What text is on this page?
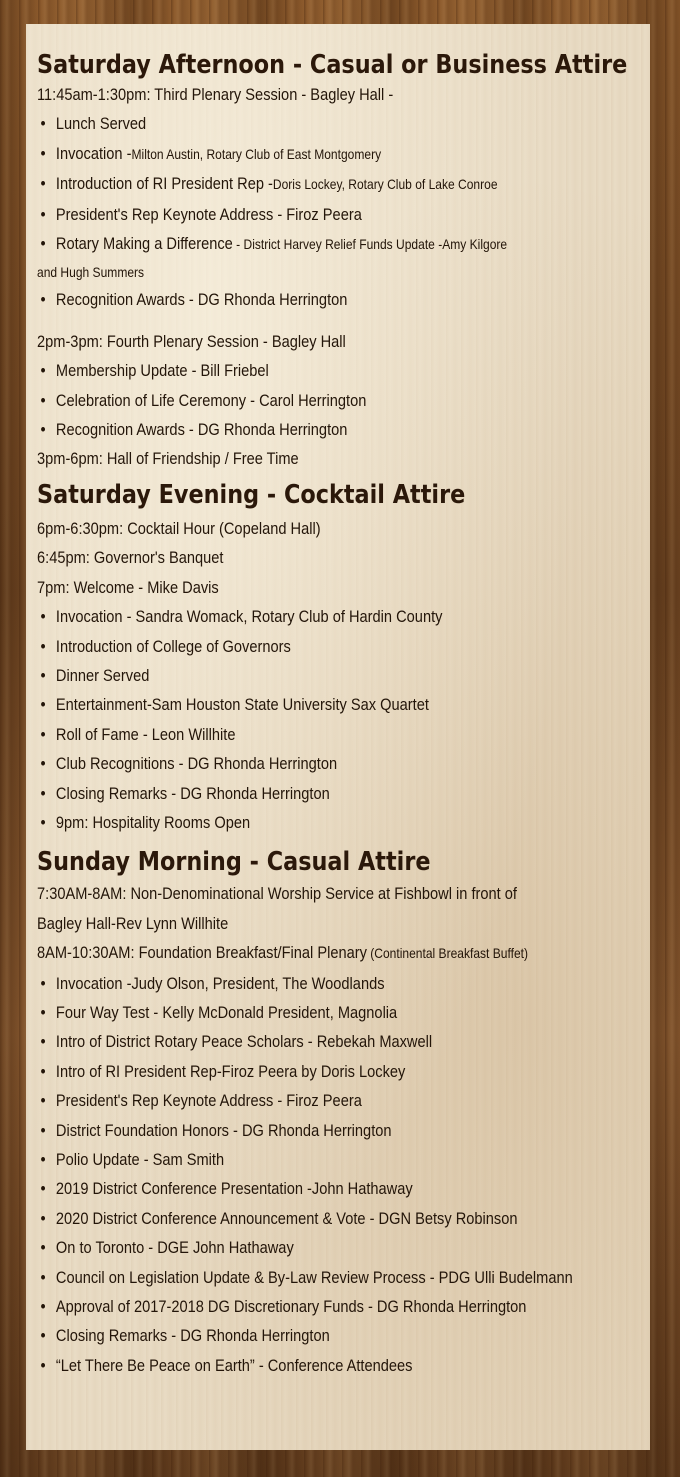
Saturday Afternoon - Casual or Business Attire
11:45am-1:30pm: Third Plenary Session - Bagley Hall -
• Lunch Served
• Invocation -Milton Austin, Rotary Club of East Montgomery
• Introduction of RI President Rep -Doris Lockey, Rotary Club of Lake Conroe
• President's Rep Keynote Address - Firoz Peera
• Rotary Making a Difference - District Harvey Relief Funds Update -Amy Kilgore
and Hugh Summers
• Recognition Awards - DG Rhonda Herrington
2pm-3pm: Fourth Plenary Session - Bagley Hall
• Membership Update - Bill Friebel
• Celebration of Life Ceremony - Carol Herrington
• Recognition Awards - DG Rhonda Herrington
3pm-6pm: Hall of Friendship / Free Time
Saturday Evening - Cocktail Attire
6pm-6:30pm: Cocktail Hour (Copeland Hall)
6:45pm: Governor's Banquet
7pm: Welcome - Mike Davis
• Invocation - Sandra Womack, Rotary Club of Hardin County
• Introduction of College of Governors
• Dinner Served
• Entertainment-Sam Houston State University Sax Quartet
• Roll of Fame - Leon Willhite
• Club Recognitions - DG Rhonda Herrington
• Closing Remarks - DG Rhonda Herrington
• 9pm: Hospitality Rooms Open
Sunday Morning - Casual Attire
7:30AM-8AM: Non-Denominational Worship Service at Fishbowl in front of
Bagley Hall-Rev Lynn Willhite
8AM-10:30AM: Foundation Breakfast/Final Plenary (Continental Breakfast Buffet)
• Invocation -Judy Olson, President, The Woodlands
• Four Way Test - Kelly McDonald President, Magnolia
• Intro of District Rotary Peace Scholars - Rebekah Maxwell
• Intro of RI President Rep-Firoz Peera by Doris Lockey
• President's Rep Keynote Address - Firoz Peera
• District Foundation Honors - DG Rhonda Herrington
• Polio Update - Sam Smith
• 2019 District Conference Presentation -John Hathaway
• 2020 District Conference Announcement & Vote - DGN Betsy Robinson
• On to Toronto - DGE John Hathaway
• Council on Legislation Update & By-Law Review Process - PDG Ulli Budelmann
• Approval of 2017-2018 DG Discretionary Funds - DG Rhonda Herrington
• Closing Remarks - DG Rhonda Herrington
• “Let There Be Peace on Earth” - Conference Attendees
